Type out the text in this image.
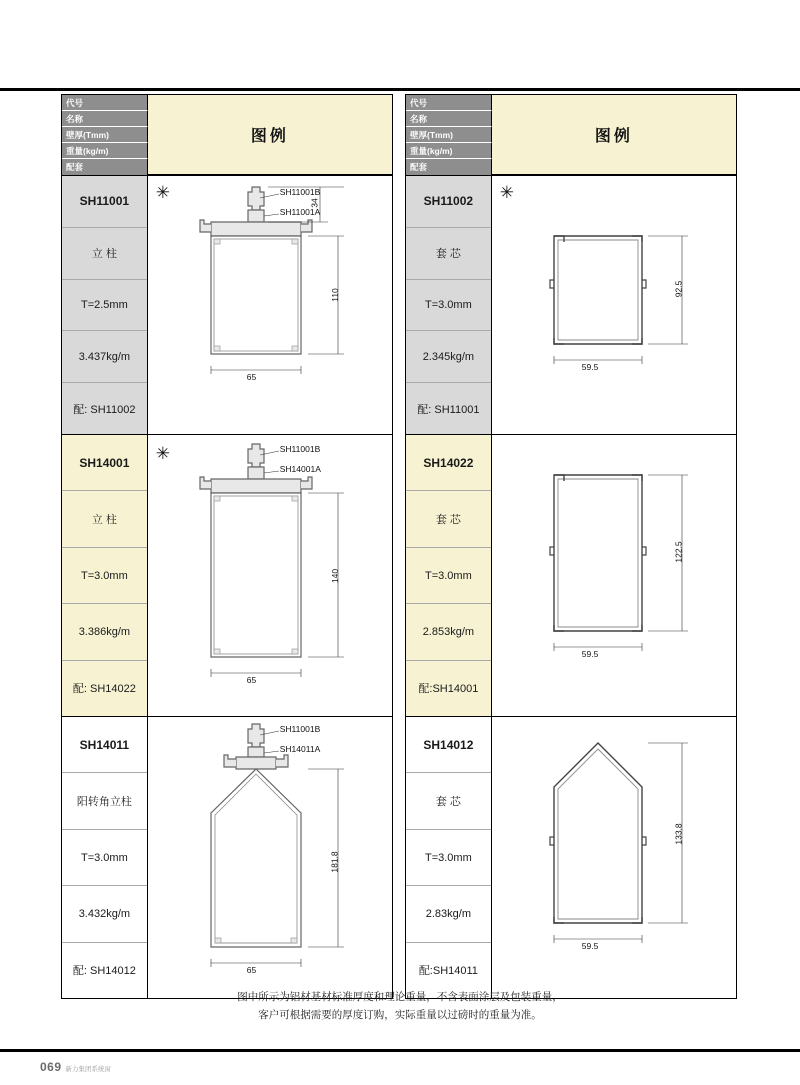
代号
名称
壁厚(Tmm)
重量(kg/m)
配套
图例
SH11001
立 柱
T=2.5mm
3.437kg/m
配: SH11002
✳	SH11001B
SH11001A
65
110
34
SH14001
立 柱
T=3.0mm
3.386kg/m
配: SH14022
✳	SH11001B
SH14001A
65
140
SH14011
阳转角立柱
T=3.0mm
3.432kg/m
配: SH14012
SH11001B
SH14011A
65
181.8
代号
名称
壁厚(Tmm)
重量(kg/m)
配套
图例
SH11002
套 芯
T=3.0mm
2.345kg/m
配: SH11001
✳
59.5
92.5
SH14022
套 芯
T=3.0mm
2.853kg/m
配:SH14001
59.5
122.5
SH14012
套 芯
T=3.0mm
2.83kg/m
配:SH14011
59.5
133.8
图中所示为铝材基材标准厚度和理论重量，不含表面涂层及包装重量，
客户可根据需要的厚度订购，实际重量以过磅时的重量为准。
069 新力集团系统窗
